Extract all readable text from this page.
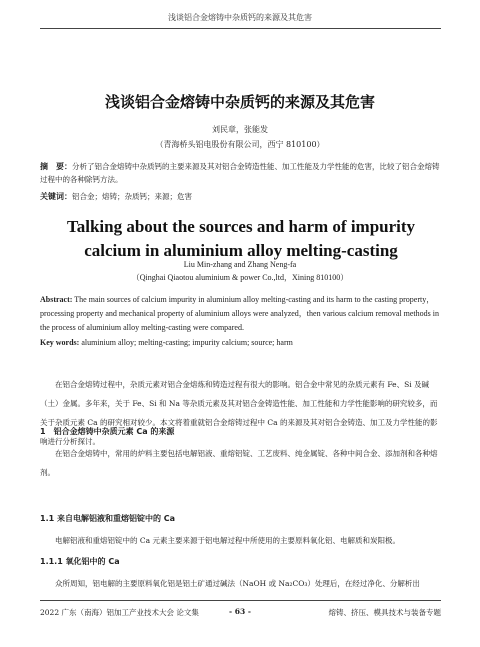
浅谈铝合金熔铸中杂质钙的来源及其危害
浅谈铝合金熔铸中杂质钙的来源及其危害
刘民章，张能发
（青海桥头铝电股份有限公司，西宁 810100）
摘　要：分析了铝合金熔铸中杂质钙的主要来源及其对铝合金铸造性能、加工性能及力学性能的危害，比较了铝合金熔铸过程中的各种除钙方法。
关键词：铝合金；熔铸；杂质钙；来源；危害
Talking about the sources and harm of impurity calcium in aluminium alloy melting-casting
Liu Min-zhang and Zhang Neng-fa
（Qinghai Qiaotou aluminium & power Co.,ltd，Xining 810100）
Abstract: The main sources of calcium impurity in aluminium alloy melting-casting and its harm to the casting property，processing property and mechanical property of aluminium alloys were analyzed，then various calcium removal methods in the process of aluminium alloy melting-casting were compared.
Key words: aluminium alloy; melting-casting; impurity calcium; source; harm
在铝合金熔铸过程中，杂质元素对铝合金熔炼和铸造过程有很大的影响。铝合金中常见的杂质元素有 Fe、Si 及碱（土）金属。多年来，关于 Fe、Si 和 Na 等杂质元素及其对铝合金铸造性能、加工性能和力学性能影响的研究较多，而关于杂质元素 Ca 的研究相对较少。本文将着重就铝合金熔铸过程中 Ca 的来源及其对铝合金铸造、加工及力学性能的影响进行分析探讨。
1　铝合金熔铸中杂质元素 Ca 的来源
在铝合金熔铸中，常用的炉料主要包括电解铝液、重熔铝锭、工艺废料、纯金属锭、各种中间合金、添加剂和各种熔剂。
1.1 来自电解铝液和重熔铝锭中的 Ca
电解铝液和重熔铝锭中的 Ca 元素主要来源于铝电解过程中所使用的主要原料氧化铝、电解质和炭阳极。
1.1.1 氧化铝中的 Ca
众所周知，铝电解的主要原料氧化铝是铝土矿通过碱法（NaOH 或 Na₂CO₃）处理后，在经过净化、分解析出
2022 广东（南海）铝加工产业技术大会 论文集	- 63 -	熔铸、挤压、模具技术与装备专题
